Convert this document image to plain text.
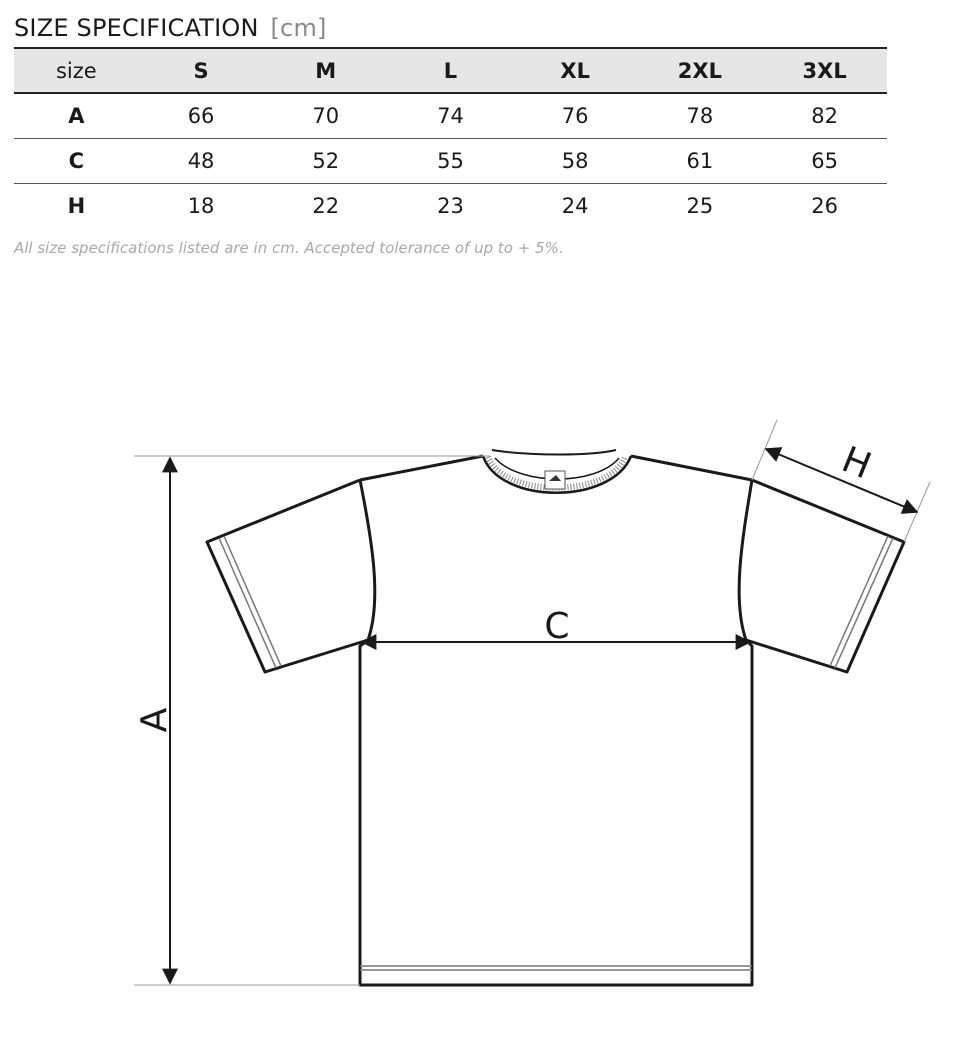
SIZE SPECIFICATION [cm]
size	S	M	L	XL	2XL	3XL
A	66	70	74	76	78	82
C	48	52	55	58	61	65
H	18	22	23	24	25	26
All size specifications listed are in cm. Accepted tolerance of up to + 5%.
A
C
H
